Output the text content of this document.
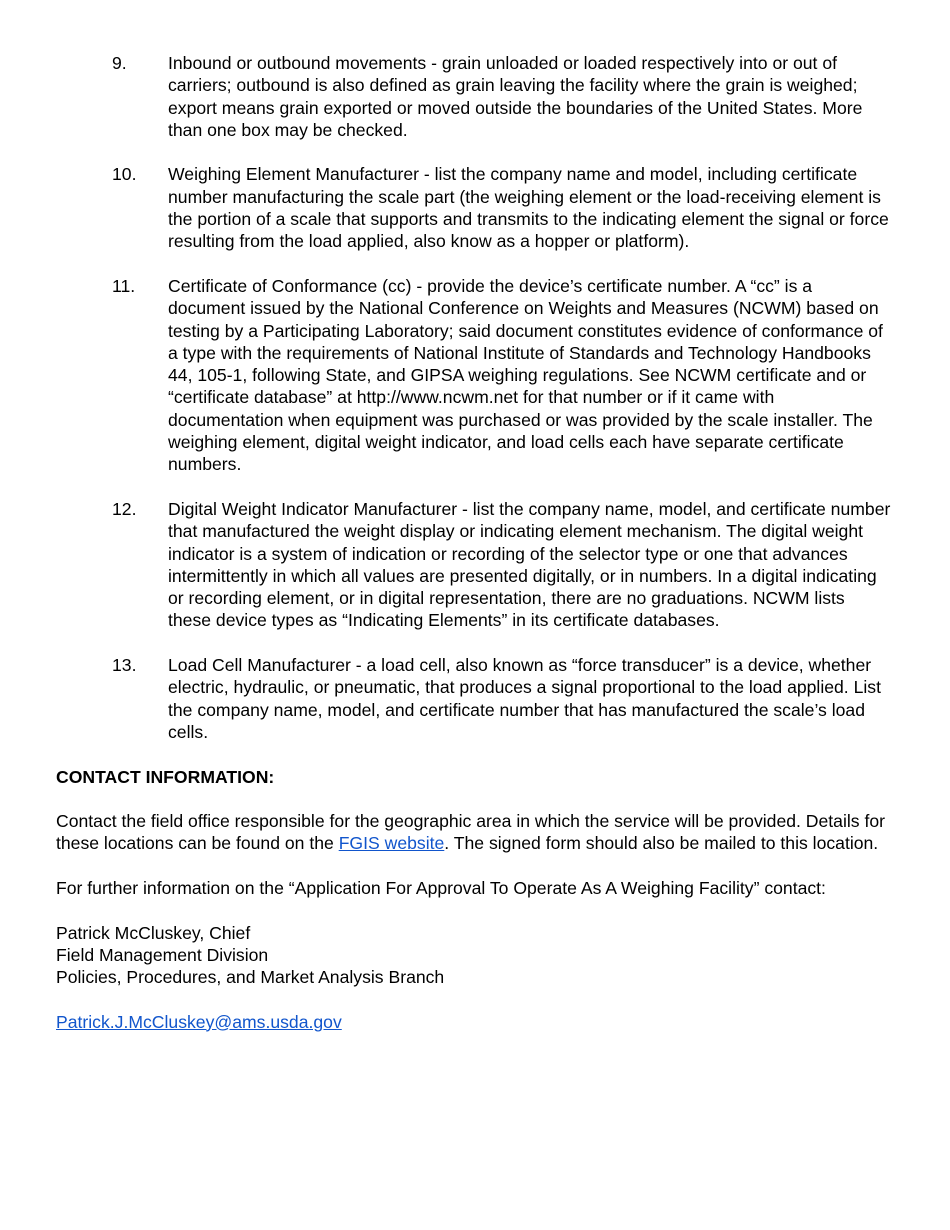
9. Inbound or outbound movements - grain unloaded or loaded respectively into or out of carriers; outbound is also defined as grain leaving the facility where the grain is weighed; export means grain exported or moved outside the boundaries of the United States. More than one box may be checked.
10. Weighing Element Manufacturer - list the company name and model, including certificate number manufacturing the scale part (the weighing element or the load-receiving element is the portion of a scale that supports and transmits to the indicating element the signal or force resulting from the load applied, also know as a hopper or platform).
11. Certificate of Conformance (cc) - provide the device’s certificate number. A “cc” is a document issued by the National Conference on Weights and Measures (NCWM) based on testing by a Participating Laboratory; said document constitutes evidence of conformance of a type with the requirements of National Institute of Standards and Technology Handbooks 44, 105-1, following State, and GIPSA weighing regulations. See NCWM certificate and or “certificate database” at http://www.ncwm.net for that number or if it came with documentation when equipment was purchased or was provided by the scale installer. The weighing element, digital weight indicator, and load cells each have separate certificate numbers.
12. Digital Weight Indicator Manufacturer - list the company name, model, and certificate number that manufactured the weight display or indicating element mechanism. The digital weight indicator is a system of indication or recording of the selector type or one that advances intermittently in which all values are presented digitally, or in numbers. In a digital indicating or recording element, or in digital representation, there are no graduations. NCWM lists these device types as “Indicating Elements” in its certificate databases.
13. Load Cell Manufacturer - a load cell, also known as “force transducer” is a device, whether electric, hydraulic, or pneumatic, that produces a signal proportional to the load applied. List the company name, model, and certificate number that has manufactured the scale’s load cells.
CONTACT INFORMATION:
Contact the field office responsible for the geographic area in which the service will be provided. Details for these locations can be found on the FGIS website. The signed form should also be mailed to this location.
For further information on the “Application For Approval To Operate As A Weighing Facility” contact:
Patrick McCluskey, Chief
Field Management Division
Policies, Procedures, and Market Analysis Branch
Patrick.J.McCluskey@ams.usda.gov
